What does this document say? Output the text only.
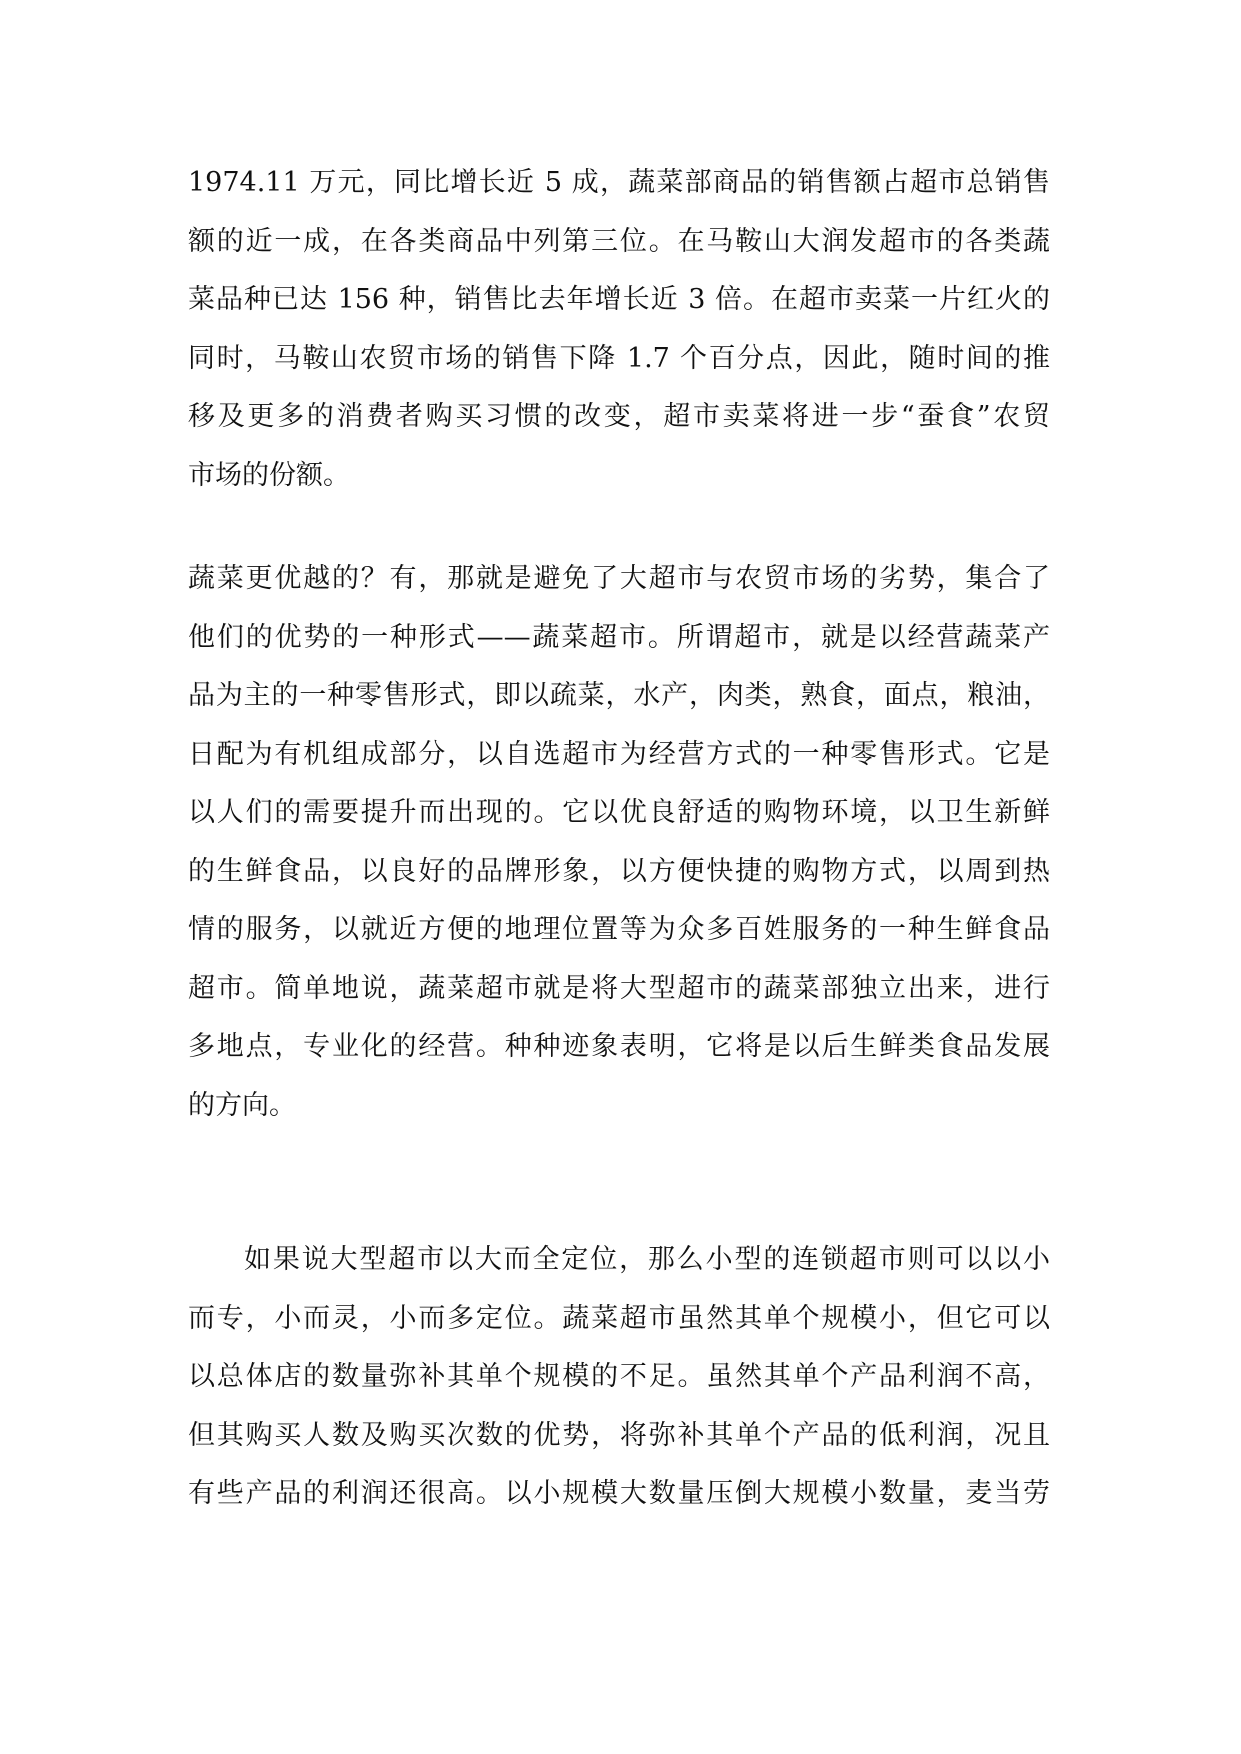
1974.11 万元，同比增长近 5 成，蔬菜部商品的销售额占超市总销售
额的近一成，在各类商品中列第三位。在马鞍山大润发超市的各类蔬
菜品种已达 156 种，销售比去年增长近 3 倍。在超市卖菜一片红火的
同时，马鞍山农贸市场的销售下降 1.7 个百分点，因此，随时间的推
移及更多的消费者购买习惯的改变，超市卖菜将进一步“蚕食”农贸
市场的份额。
蔬菜更优越的？有，那就是避免了大超市与农贸市场的劣势，集合了
他们的优势的一种形式——蔬菜超市。所谓超市，就是以经营蔬菜产
品为主的一种零售形式，即以疏菜，水产，肉类，熟食，面点，粮油，
日配为有机组成部分，以自选超市为经营方式的一种零售形式。它是
以人们的需要提升而出现的。它以优良舒适的购物环境，以卫生新鲜
的生鲜食品，以良好的品牌形象，以方便快捷的购物方式，以周到热
情的服务，以就近方便的地理位置等为众多百姓服务的一种生鲜食品
超市。简单地说，蔬菜超市就是将大型超市的蔬菜部独立出来，进行
多地点，专业化的经营。种种迹象表明，它将是以后生鲜类食品发展
的方向。
如果说大型超市以大而全定位，那么小型的连锁超市则可以以小
而专，小而灵，小而多定位。蔬菜超市虽然其单个规模小，但它可以
以总体店的数量弥补其单个规模的不足。虽然其单个产品利润不高，
但其购买人数及购买次数的优势，将弥补其单个产品的低利润，况且
有些产品的利润还很高。以小规模大数量压倒大规模小数量，麦当劳
